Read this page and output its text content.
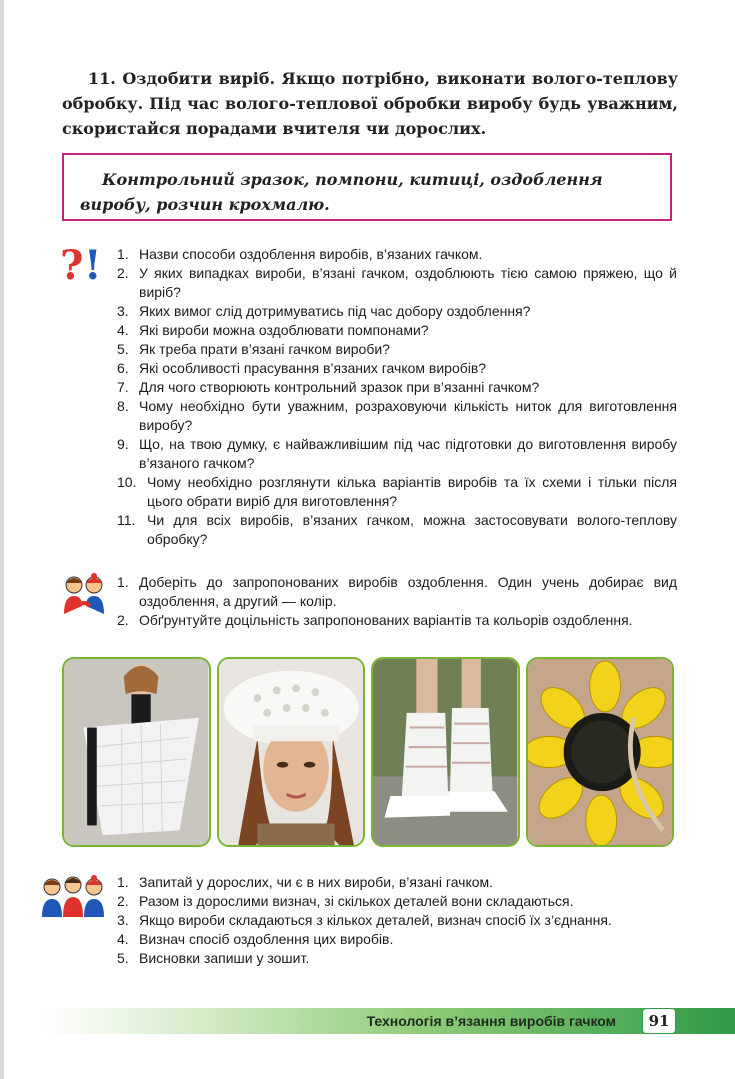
11. Оздобити виріб. Якщо потрібно, виконати волого-теплову обробку. Під час волого-теплової обробки виробу будь уважним, скористайся порадами вчителя чи дорослих.

Контрольний зразок, помпони, китиці, оздоблення виробу, розчин крохмалю.
? ! 1. Назви способи оздоблення виробів, в’язаних гачком.
2. У яких випадках вироби, в’язані гачком, оздоблюють тією самою пряжею, що й виріб?
3. Яких вимог слід дотримуватись під час добору оздоблення?
4. Які вироби можна оздоблювати помпонами?
5. Як треба прати в’язані гачком вироби?
6. Які особливості прасування в’язаних гачком виробів?
7. Для чого створюють контрольний зразок при в’язанні гачком?
8. Чому необхідно бути уважним, розраховуючи кількість ниток для виготовлення виробу?
9. Що, на твою думку, є найважливішим під час підготовки до виготовлення виробу в’язаного гачком?
10. Чому необхідно розглянути кілька варіантів виробів та їх схеми і тільки після цього обрати виріб для виготовлення?
11. Чи для всіх виробів, в’язаних гачком, можна застосовувати волого-теплову обробку?
1. Доберіть до запропонованих виробів оздоблення. Один учень добирає вид оздоблення, а другий — колір.
2. Обґрунтуйте доцільність запропонованих варіантів та кольорів оздоблення.
1. Запитай у дорослих, чи є в них вироби, в’язані гачком.
2. Разом із дорослими визнач, зі скількох деталей вони складаються.
3. Якщо вироби складаються з кількох деталей, визнач спосіб їх з’єднання.
4. Визнач спосіб оздоблення цих виробів.
5. Висновки запиши у зошит.
Технологія в’язання виробів гачком	91
